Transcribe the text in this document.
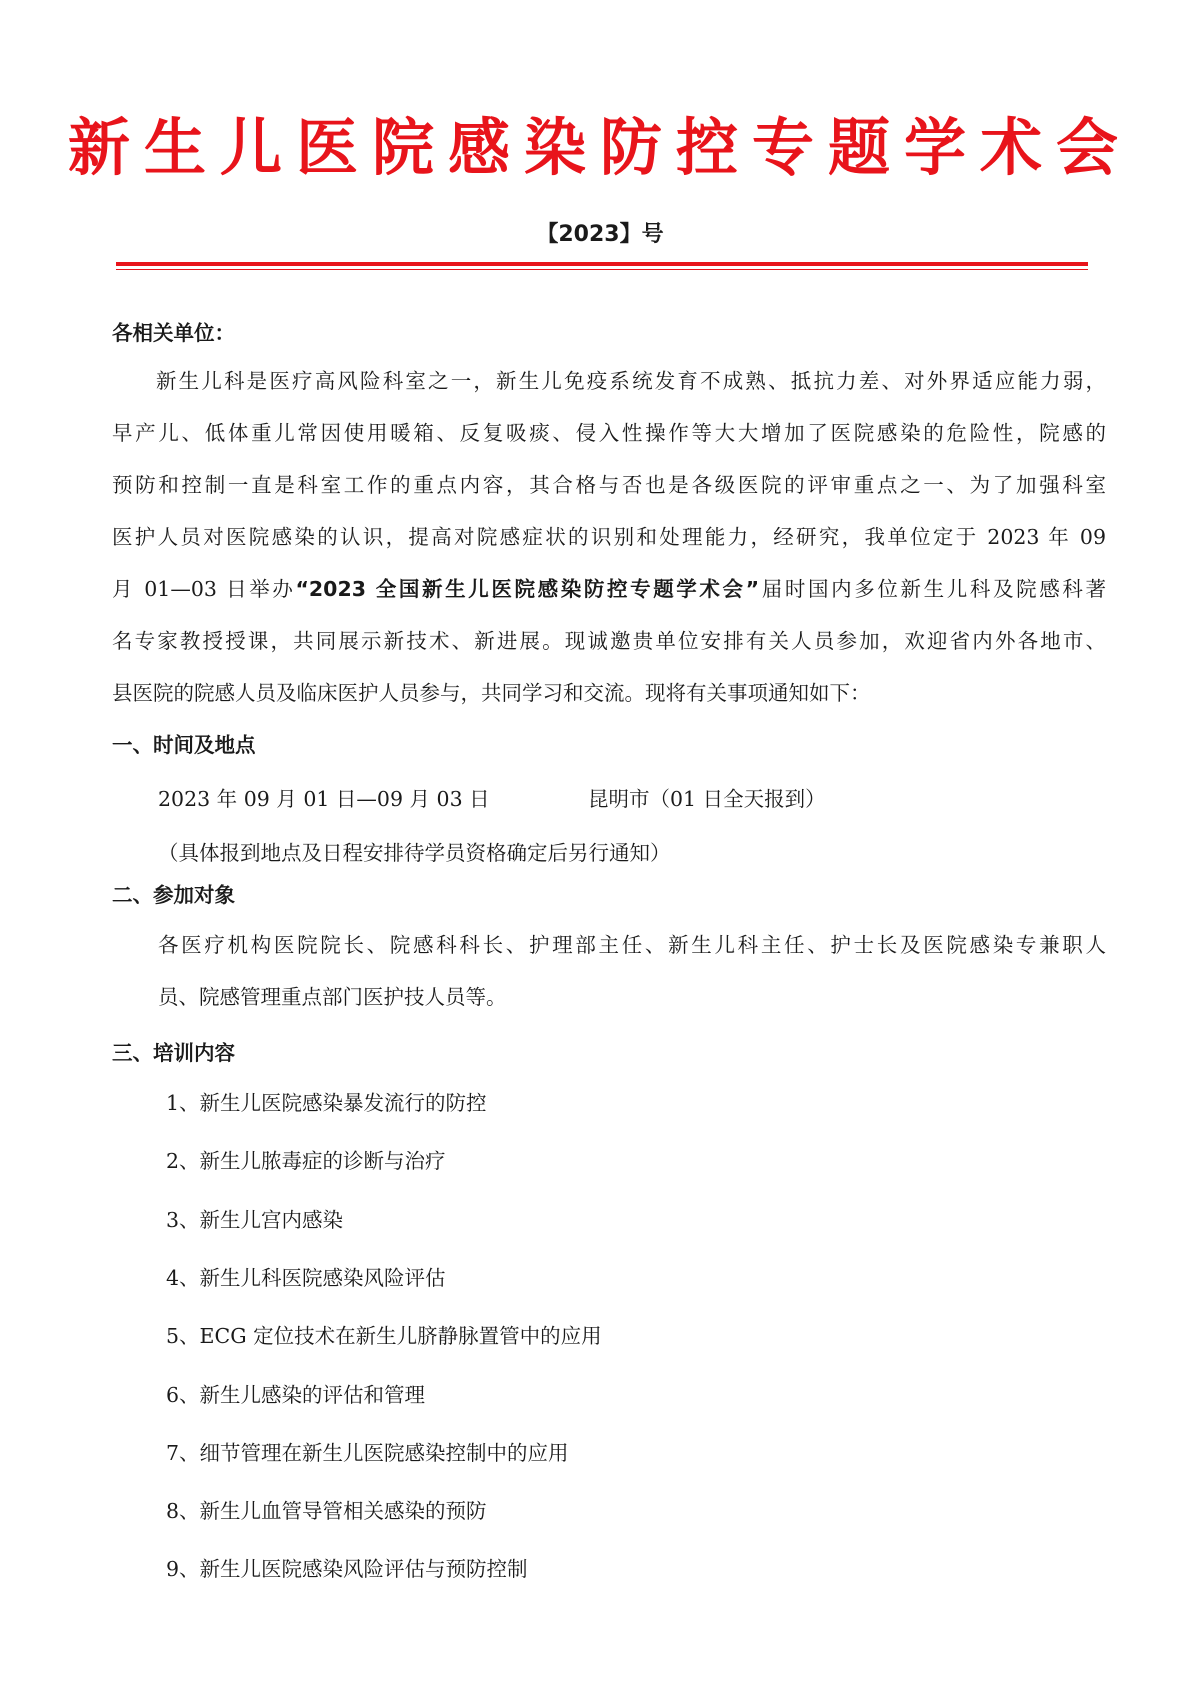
新生儿医院感染防控专题学术会
【2023】号
各相关单位：
新生儿科是医疗高风险科室之一，新生儿免疫系统发育不成熟、抵抗力差、对外界适应能力弱，
早产儿、低体重儿常因使用暖箱、反复吸痰、侵入性操作等大大增加了医院感染的危险性，院感的
预防和控制一直是科室工作的重点内容，其合格与否也是各级医院的评审重点之一、为了加强科室
医护人员对医院感染的认识，提高对院感症状的识别和处理能力，经研究，我单位定于 2023 年 09
月 01—03 日举办“2023 全国新生儿医院感染防控专题学术会”届时国内多位新生儿科及院感科著
名专家教授授课，共同展示新技术、新进展。现诚邀贵单位安排有关人员参加，欢迎省内外各地市、
县医院的院感人员及临床医护人员参与，共同学习和交流。现将有关事项通知如下：
一、时间及地点
2023 年 09 月 01 日—09 月 03 日	昆明市（01 日全天报到）
（具体报到地点及日程安排待学员资格确定后另行通知）
二、参加对象
各医疗机构医院院长、院感科科长、护理部主任、新生儿科主任、护士长及医院感染专兼职人
员、院感管理重点部门医护技人员等。
三、培训内容
1、新生儿医院感染暴发流行的防控
2、新生儿脓毒症的诊断与治疗
3、新生儿宫内感染
4、新生儿科医院感染风险评估
5、ECG 定位技术在新生儿脐静脉置管中的应用
6、新生儿感染的评估和管理
7、细节管理在新生儿医院感染控制中的应用
8、新生儿血管导管相关感染的预防
9、新生儿医院感染风险评估与预防控制
